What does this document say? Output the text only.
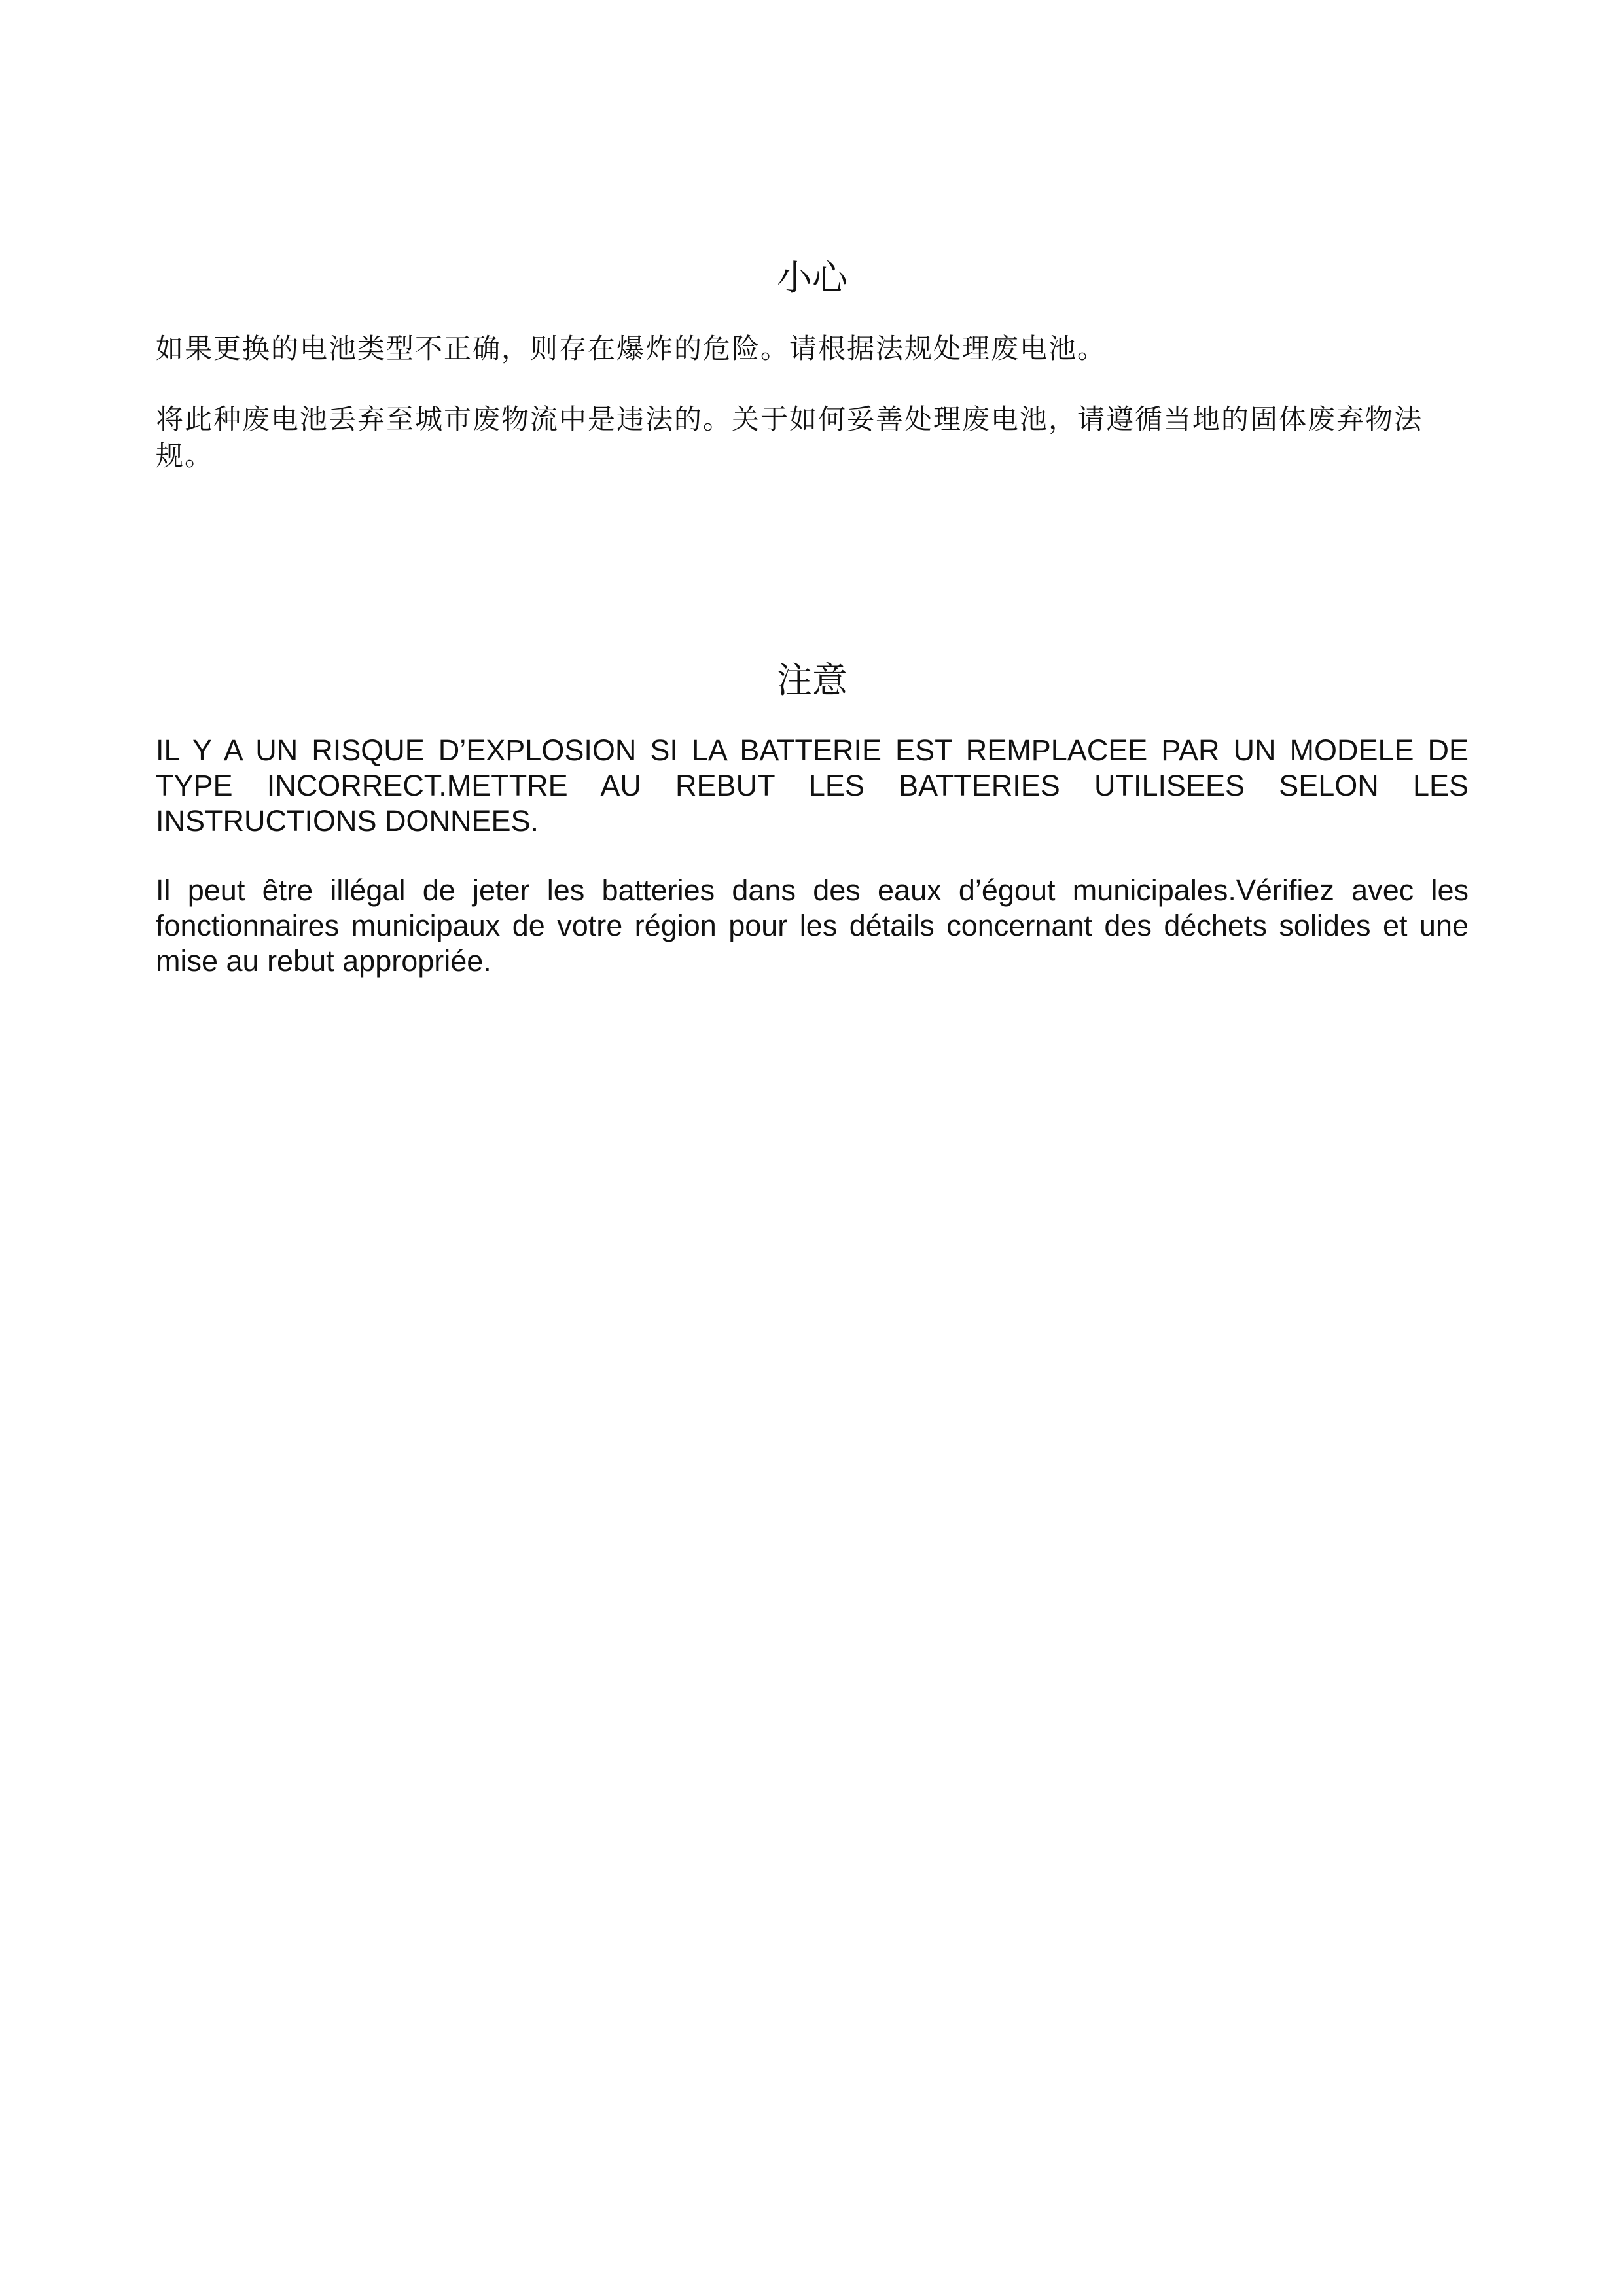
小心

如果更换的电池类型不正确，则存在爆炸的危险。请根据法规处理废电池。

将此种废电池丢弃至城市废物流中是违法的。关于如何妥善处理废电池，请遵循当地的固体废弃物法规。

注意

IL Y A UN RISQUE D’EXPLOSION SI LA BATTERIE EST REMPLACEE PAR UN MODELE DE TYPE INCORRECT.METTRE AU REBUT LES BATTERIES UTILISEES SELON LES INSTRUCTIONS DONNEES.

Il peut être illégal de jeter les batteries dans des eaux d’égout municipales.Vérifiez avec les fonctionnaires municipaux de votre région pour les détails concernant des déchets solides et une mise au rebut appropriée.
